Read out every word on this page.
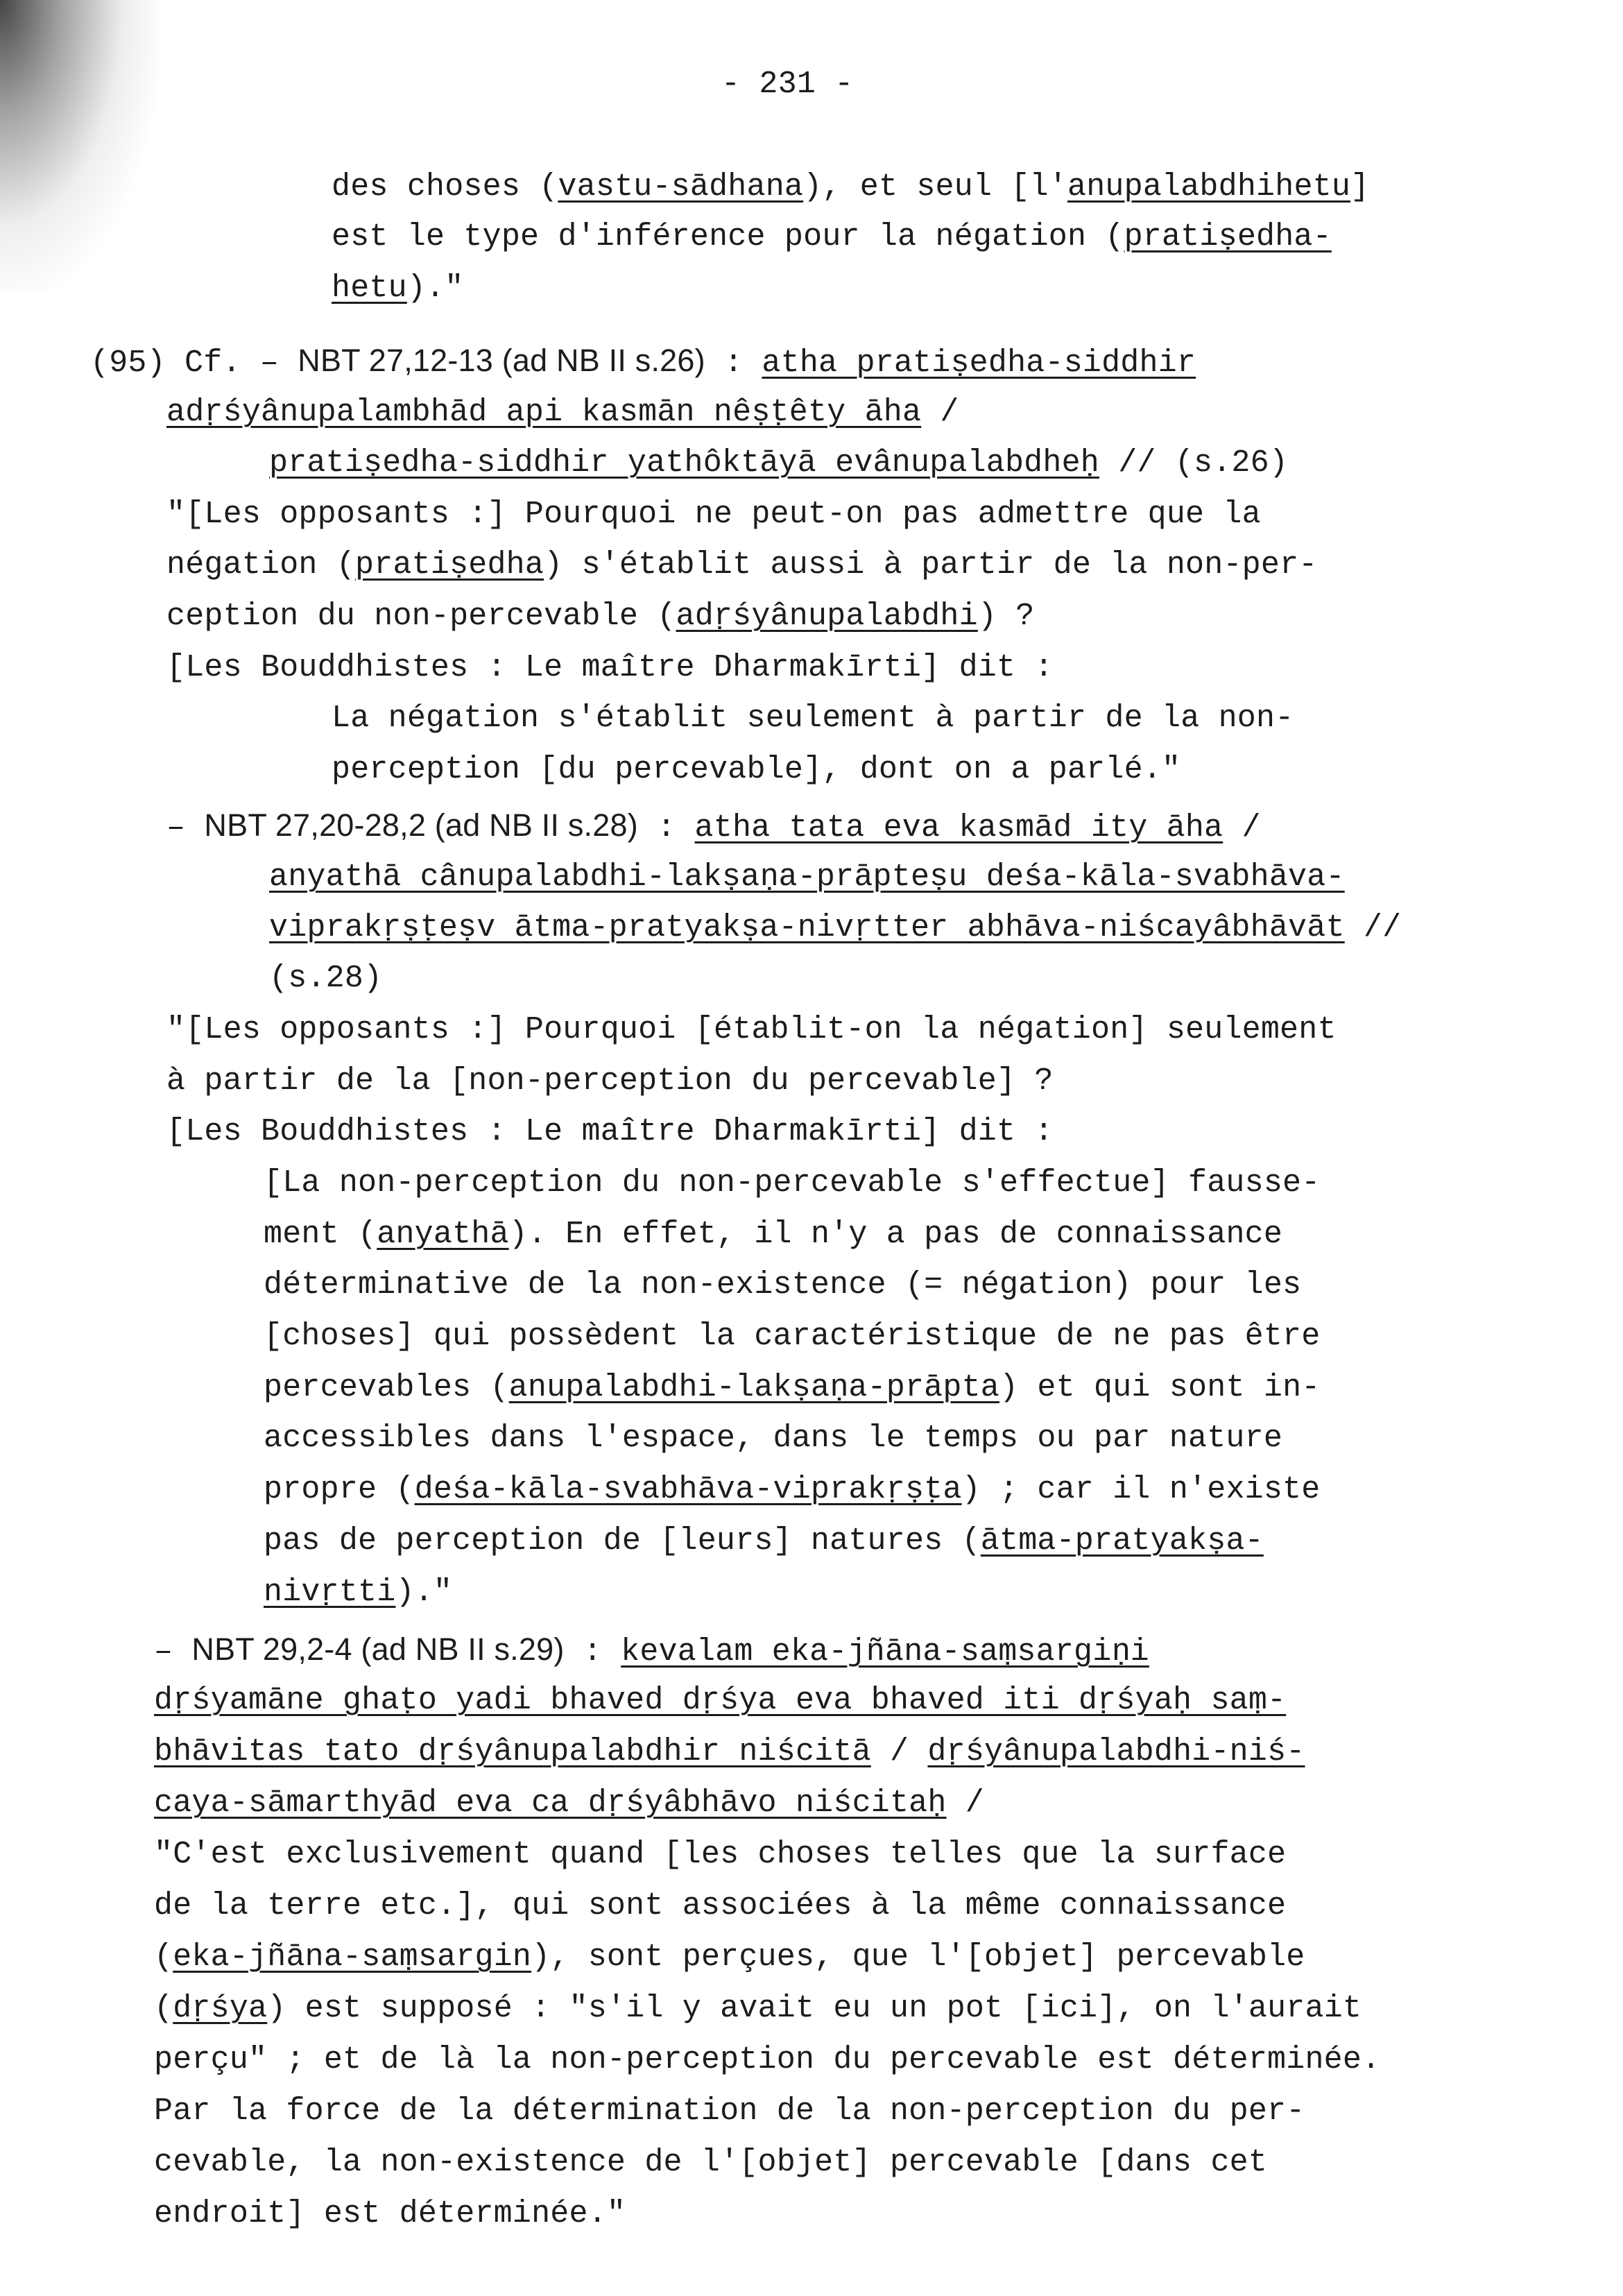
- 231 -
des choses (vastu-sādhana), et seul [l'anupalabdhihetu]
est le type d'inférence pour la négation (pratiṣedha-
hetu)."
(95) Cf. – NBT 27,12-13 (ad NB II s.26) : atha pratiṣedha-siddhir
adṛśyânupalambhād api kasmān nêṣṭêty āha /
pratiṣedha-siddhir yathôktāyā evânupalabdheḥ // (s.26)
"[Les opposants :] Pourquoi ne peut-on pas admettre que la
négation (pratiṣedha) s'établit aussi à partir de la non-per-
ception du non-percevable (adṛśyânupalabdhi) ?
[Les Bouddhistes : Le maître Dharmakīrti] dit :
La négation s'établit seulement à partir de la non-
perception [du percevable], dont on a parlé."
– NBT 27,20-28,2 (ad NB II s.28) : atha tata eva kasmād ity āha /
anyathā cânupalabdhi-lakṣaṇa-prāpteṣu deśa-kāla-svabhāva-
viprakṛṣṭeṣv ātma-pratyakṣa-nivṛtter abhāva-niścayâbhāvāt //
(s.28)
"[Les opposants :] Pourquoi [établit-on la négation] seulement
à partir de la [non-perception du percevable] ?
[Les Bouddhistes : Le maître Dharmakīrti] dit :
[La non-perception du non-percevable s'effectue] fausse-
ment (anyathā). En effet, il n'y a pas de connaissance
déterminative de la non-existence (= négation) pour les
[choses] qui possèdent la caractéristique de ne pas être
percevables (anupalabdhi-lakṣaṇa-prāpta) et qui sont in-
accessibles dans l'espace, dans le temps ou par nature
propre (deśa-kāla-svabhāva-viprakṛṣṭa) ; car il n'existe
pas de perception de [leurs] natures (ātma-pratyakṣa-
nivṛtti)."
– NBT 29,2-4 (ad NB II s.29) : kevalam eka-jñāna-saṃsargiṇi
dṛśyamāne ghaṭo yadi bhaved dṛśya eva bhaved iti dṛśyaḥ saṃ-
bhāvitas tato dṛśyânupalabdhir niścitā / dṛśyânupalabdhi-niś-
caya-sāmarthyād eva ca dṛśyâbhāvo niścitaḥ /
"C'est exclusivement quand [les choses telles que la surface
de la terre etc.], qui sont associées à la même connaissance
(eka-jñāna-saṃsargin), sont perçues, que l'[objet] percevable
(dṛśya) est supposé : "s'il y avait eu un pot [ici], on l'aurait
perçu" ; et de là la non-perception du percevable est déterminée.
Par la force de la détermination de la non-perception du per-
cevable, la non-existence de l'[objet] percevable [dans cet
endroit] est déterminée."
